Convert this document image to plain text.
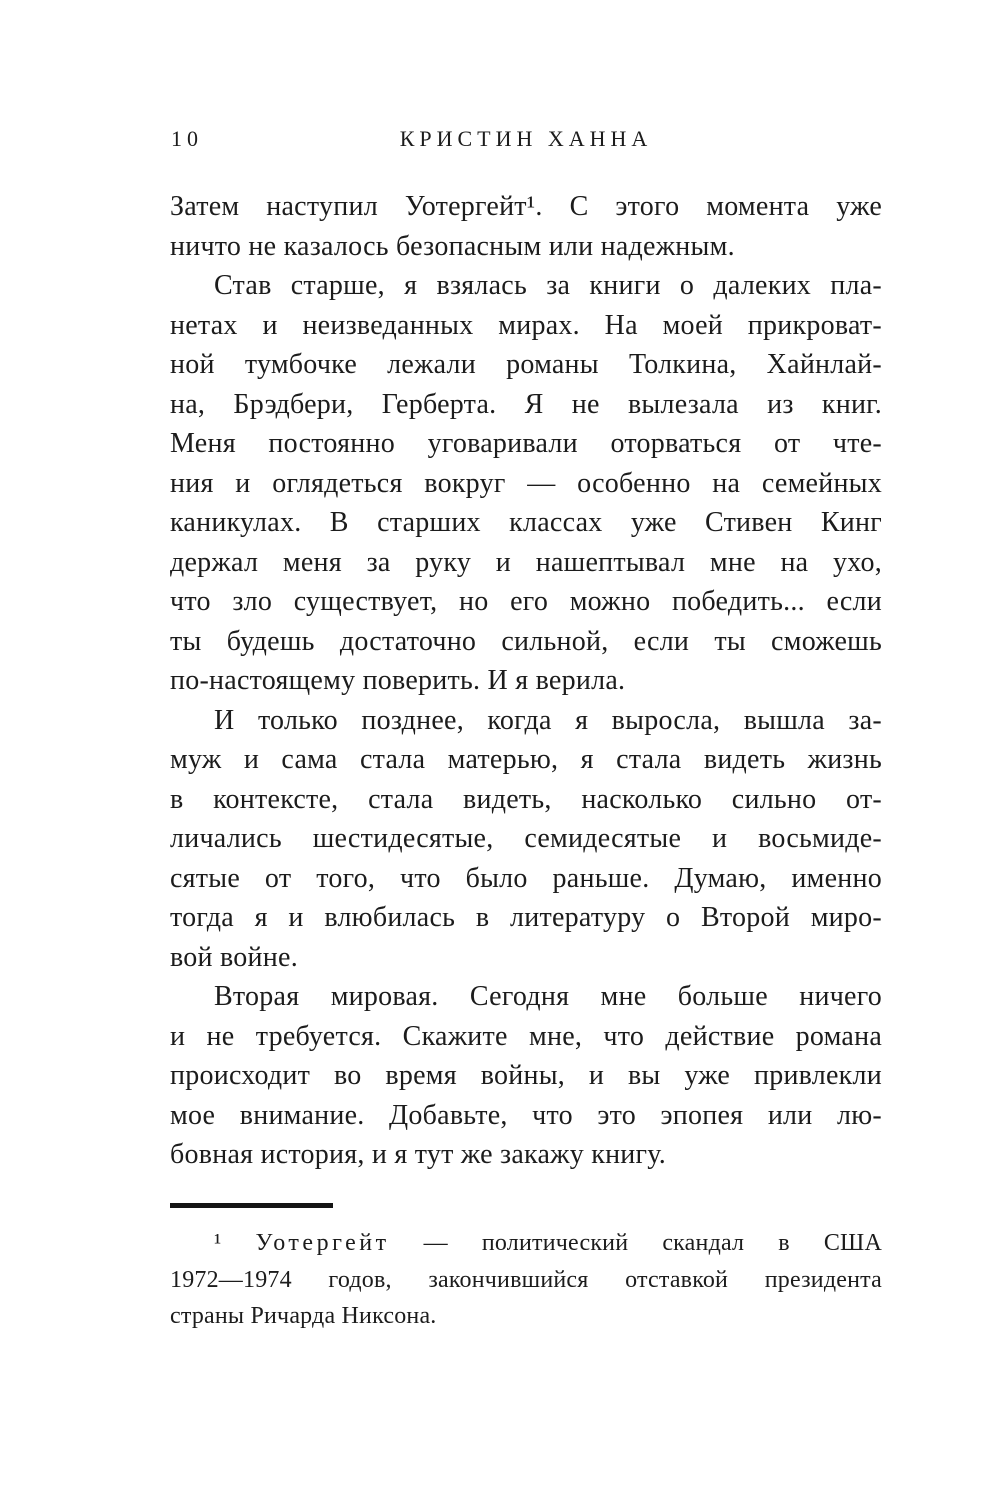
10	КРИСТИН ХАННА
Затем наступил Уотергейт¹. С этого момента уже
ничто не казалось безопасным или надежным.
Став старше, я взялась за книги о далеких пла-
нетах и неизведанных мирах. На моей прикроват-
ной тумбочке лежали романы Толкина, Хайнлай-
на, Брэдбери, Герберта. Я не вылезала из книг.
Меня постоянно уговаривали оторваться от чте-
ния и оглядеться вокруг — особенно на семейных
каникулах. В старших классах уже Стивен Кинг
держал меня за руку и нашептывал мне на ухо,
что зло существует, но его можно победить... если
ты будешь достаточно сильной, если ты сможешь
по-настоящему поверить. И я верила.
И только позднее, когда я выросла, вышла за-
муж и сама стала матерью, я стала видеть жизнь
в контексте, стала видеть, насколько сильно от-
личались шестидесятые, семидесятые и восьмиде-
сятые от того, что было раньше. Думаю, именно
тогда я и влюбилась в литературу о Второй миро-
вой войне.
Вторая мировая. Сегодня мне больше ничего
и не требуется. Скажите мне, что действие романа
происходит во время войны, и вы уже привлекли
мое внимание. Добавьте, что это эпопея или лю-
бовная история, и я тут же закажу книгу.
¹ Уотергейт — политический скандал в США
1972—1974 годов, закончившийся отставкой президента
страны Ричарда Никсона.
